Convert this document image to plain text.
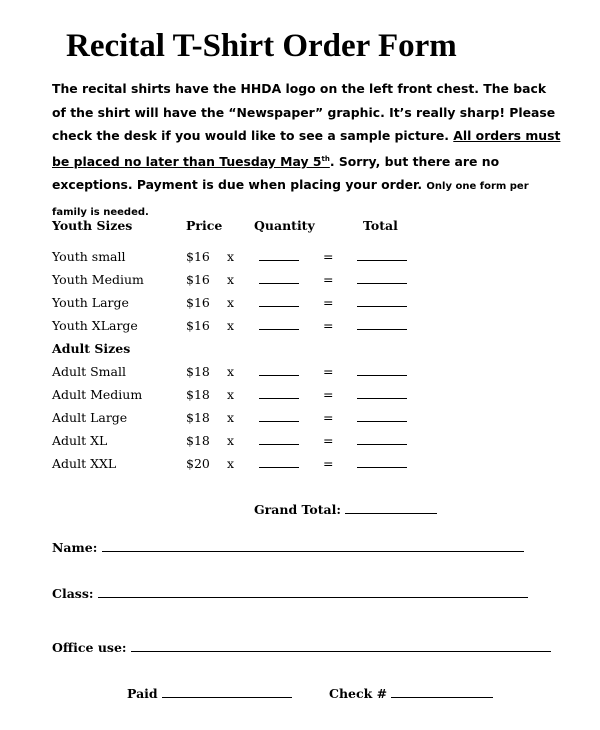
Recital T-Shirt Order Form
The recital shirts have the HHDA logo on the left front chest. The back of the shirt will have the “Newspaper” graphic. It’s really sharp! Please check the desk if you would like to see a sample picture. All orders must be placed no later than Tuesday May 5th. Sorry, but there are no exceptions. Payment is due when placing your order. Only one form per family is needed.
Youth Sizes	Price	Quantity	Total
Youth small	$16 x	=
Youth Medium	$16 x	=
Youth Large	$16 x	=
Youth XLarge	$16 x	=
Adult Sizes
Adult Small	$18 x	=
Adult Medium	$18 x	=
Adult Large	$18 x	=
Adult XL	$18 x	=
Adult XXL	$20 x	=
Grand Total:
Name:
Class:
Office use:
Paid	Check #
